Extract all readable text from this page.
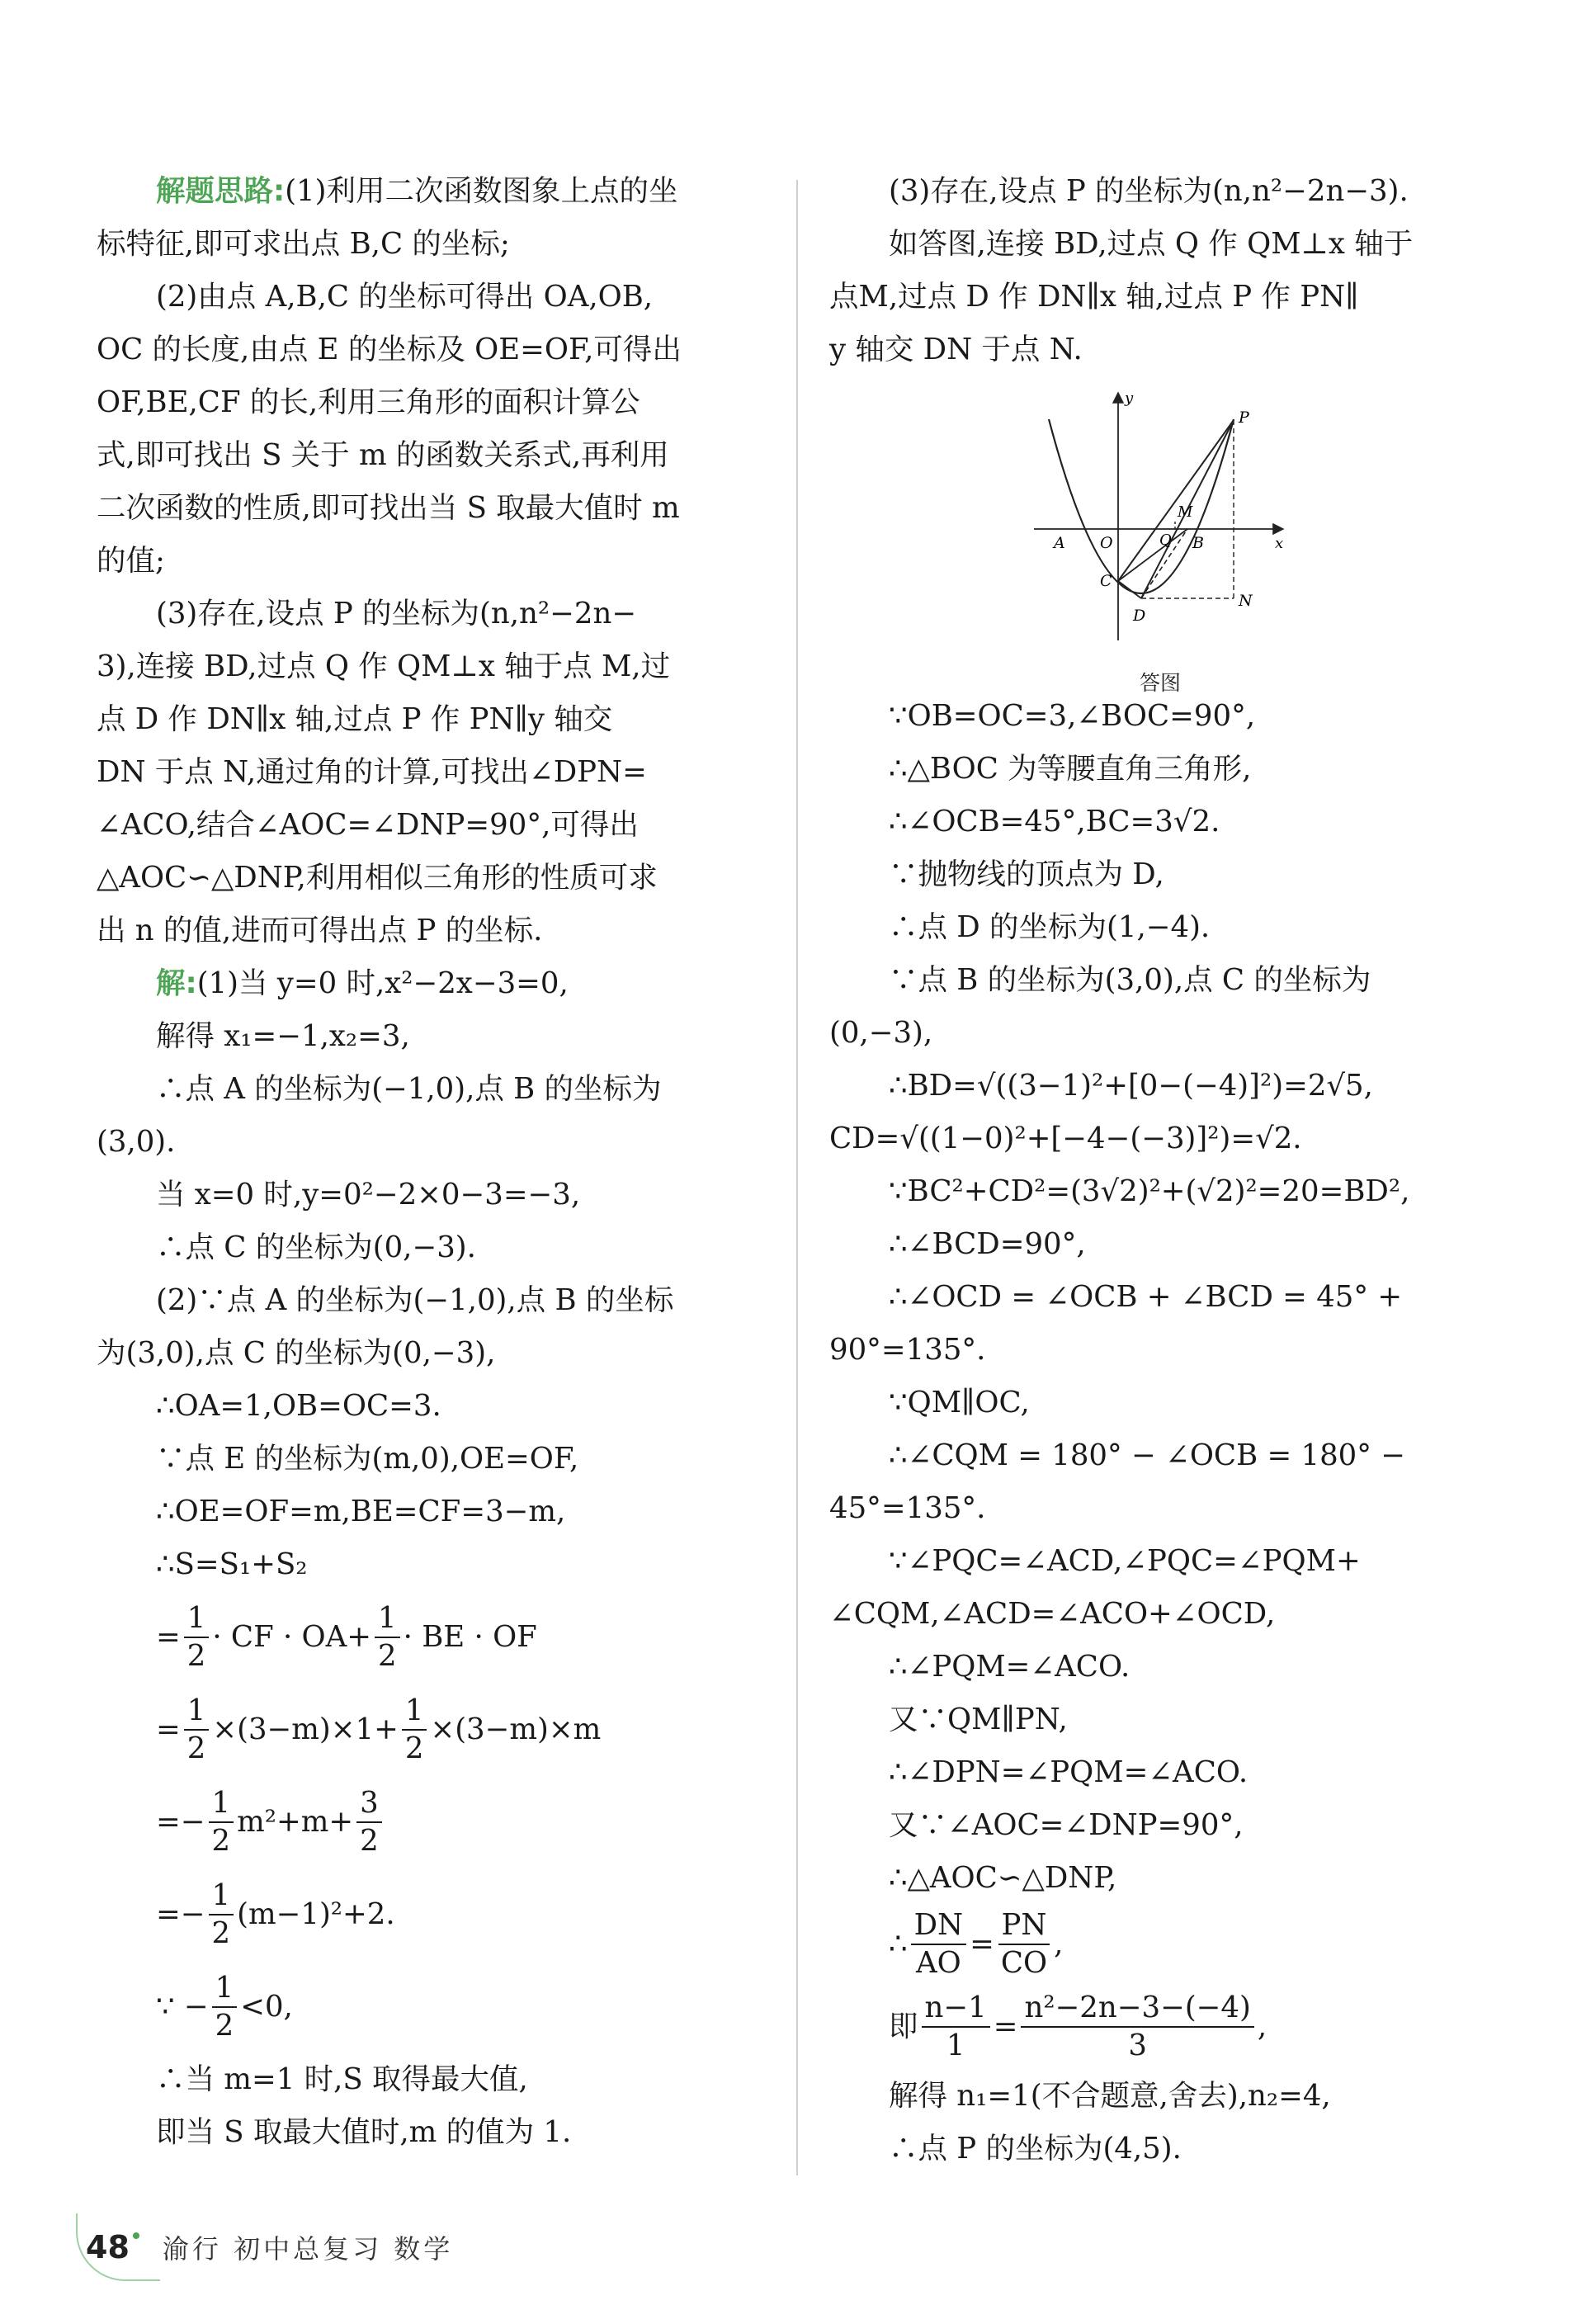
解题思路:(1)利用二次函数图象上点的坐
标特征,即可求出点 B,C 的坐标;
(2)由点 A,B,C 的坐标可得出 OA,OB,
OC 的长度,由点 E 的坐标及 OE=OF,可得出
OF,BE,CF 的长,利用三角形的面积计算公
式,即可找出 S 关于 m 的函数关系式,再利用
二次函数的性质,即可找出当 S 取最大值时 m
的值;
(3)存在,设点 P 的坐标为(n,n²−2n−
3),连接 BD,过点 Q 作 QM⊥x 轴于点 M,过
点 D 作 DN∥x 轴,过点 P 作 PN∥y 轴交
DN 于点 N,通过角的计算,可找出∠DPN=
∠ACO,结合∠AOC=∠DNP=90°,可得出
△AOC∽△DNP,利用相似三角形的性质可求
出 n 的值,进而可得出点 P 的坐标.
解:(1)当 y=0 时,x²−2x−3=0,
解得 x₁=−1,x₂=3,
∴点 A 的坐标为(−1,0),点 B 的坐标为
(3,0).
当 x=0 时,y=0²−2×0−3=−3,
∴点 C 的坐标为(0,−3).
(2)∵点 A 的坐标为(−1,0),点 B 的坐标
为(3,0),点 C 的坐标为(0,−3),
∴OA=1,OB=OC=3.
∵点 E 的坐标为(m,0),OE=OF,
∴OE=OF=m,BE=CF=3−m,
∴S=S₁+S₂
= $\frac{1}{2}$ · CF · $OA+ \frac{1}{2}$ · BE · OF
= $\frac{1}{2} \times(3-m)\times 1+ \frac{1}{2} \times(3-m)\times m$
=− $\frac{1}{2} m^2+m+ \frac{3}{2}$
=− $\frac{1}{2} (m-1)^2+2$.
∵ − $\frac{1}{2} <0$,
∴当 m=1 时,S 取得最大值,
即当 S 取最大值时,m 的值为 1.
(3)存在,设点 P 的坐标为(n,n²−2n−3).
如答图,连接 BD,过点 Q 作 QM⊥x 轴于
点M,过点 D 作 DN∥x 轴,过点 P 作 PN∥
y 轴交 DN 于点 N.
y
x
O
A	B
C
D
M
N
P
Q
答图
∵OB=OC=3,∠BOC=90°,
∴△BOC 为等腰直角三角形,
∴∠OCB=45°,BC=3√2.
∵抛物线的顶点为 D,
∴点 D 的坐标为(1,−4).
∵点 B 的坐标为(3,0),点 C 的坐标为
(0,−3),
∴BD=√((3−1)²+[0−(−4)]²)=2√5,
CD=√((1−0)²+[−4−(−3)]²)=√2.
∵BC²+CD²=(3√2)²+(√2)²=20=BD²,
∴∠BCD=90°,
∴∠OCD = ∠OCB + ∠BCD = 45° +
90°=135°.
∵QM∥OC,
∴∠CQM = 180° − ∠OCB = 180° −
45°=135°.
∵∠PQC=∠ACD,∠PQC=∠PQM+
∠CQM,∠ACD=∠ACO+∠OCD,
∴∠PQM=∠ACO.
又∵QM∥PN,
∴∠DPN=∠PQM=∠ACO.
又∵∠AOC=∠DNP=90°,
∴△AOC∽△DNP,
∴ $\frac{DN}{AO} = \frac{PN}{CO}$ ,
即 $\frac{n-1}{1} = \frac{\text{n²−2n−3−(−4)}}{3}$ ,
解得 n₁=1(不合题意,舍去),n₂=4,
∴点 P 的坐标为(4,5).
48 渝行 初中总复习 数学
